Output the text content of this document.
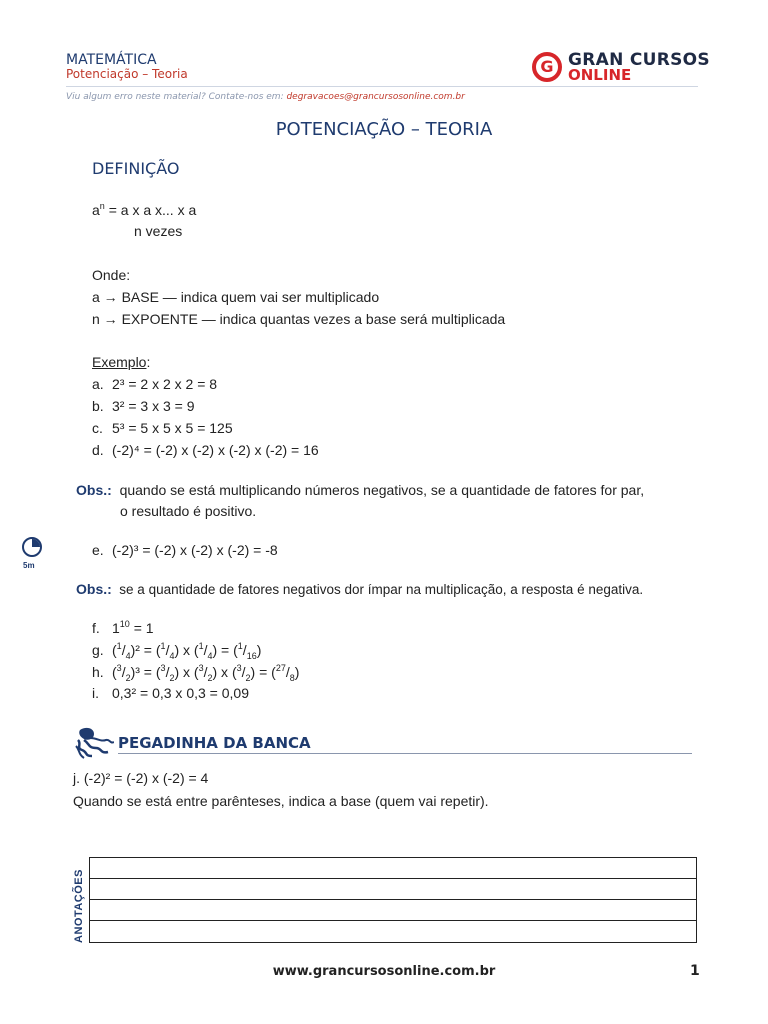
MATEMÁTICA
Potenciação – Teoria
Viu algum erro neste material? Contate-nos em: degravacoes@grancursosonline.com.br
G GRAN CURSOS
ONLINE
POTENCIAÇÃO – TEORIA
DEFINIÇÃO
$a^n = a$ x a x... x a
n vezes
Onde:
a → BASE — indica quem vai ser multiplicado
n → EXPOENTE — indica quantas vezes a base será multiplicada
Exemplo:
a. 2³ = 2 x 2 x 2 = 8
b. 3² = 3 x 3 = 9
c. 5³ = 5 x 5 x 5 = 125
d. (-2)⁴ = (-2) x (-2) x (-2) x (-2) = 16
Obs.: quando se está multiplicando números negativos, se a quantidade de fatores for par,
o resultado é positivo.
5m
e. (-2)³ = (-2) x (-2) x (-2) = -8
Obs.: se a quantidade de fatores negativos dor ímpar na multiplicação, a resposta é negativa.
f. $1^{10} = 1$
g. $(^1/_4)^2 = (^1/_4)$ x $(^1/_4) = (^1/_{16})$
h. $(^3/_2)^3 = (^3/_2)$ x $(^3/_2)$ x $(^3/_2) = (^{27}/_8)$
i. 0,3² = 0,3 x 0,3 = 0,09
PEGADINHA DA BANCA
j. (-2)² = (-2) x (-2) = 4
Quando se está entre parênteses, indica a base (quem vai repetir).
ANOTAÇÕES
www.grancursosonline.com.br	1
